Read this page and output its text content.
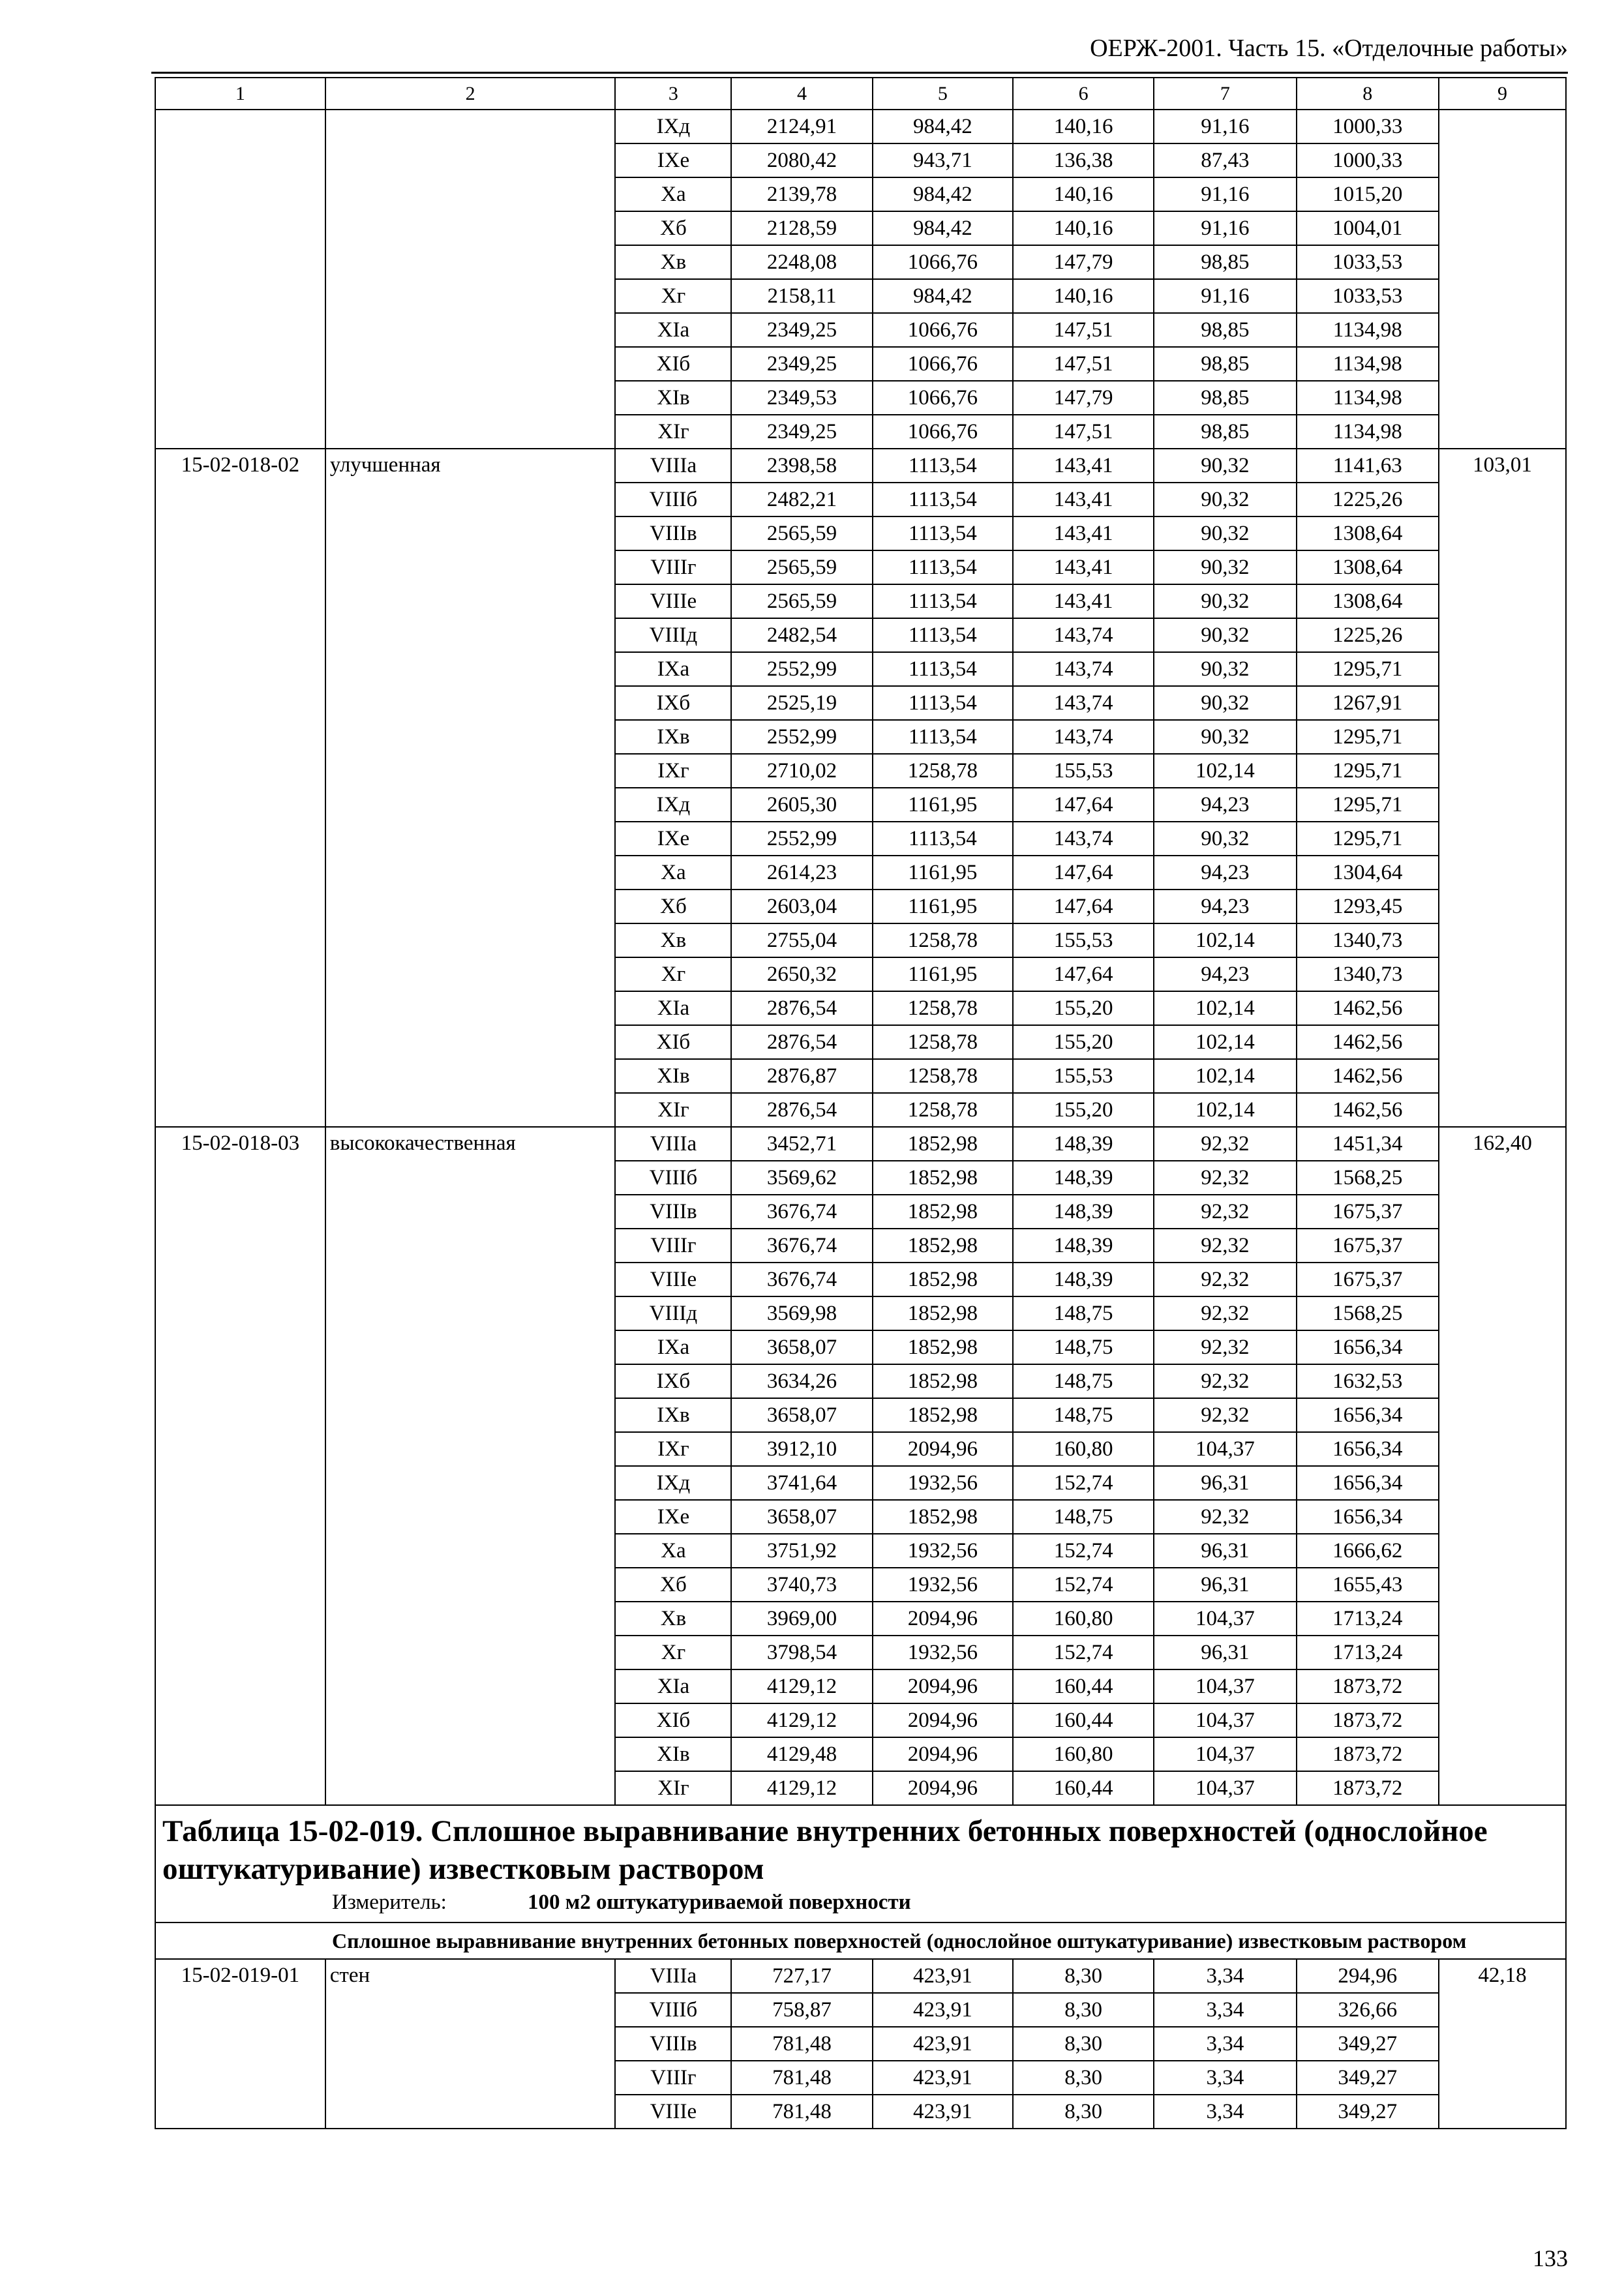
ОЕРЖ-2001. Часть 15. «Отделочные работы»
1	2	3	4	5	6	7	8	9
		IXд	2124,91	984,42	140,16	91,16	1000,33	
		IXе	2080,42	943,71	136,38	87,43	1000,33	
		Xа	2139,78	984,42	140,16	91,16	1015,20	
		Xб	2128,59	984,42	140,16	91,16	1004,01	
		Xв	2248,08	1066,76	147,79	98,85	1033,53	
		Xг	2158,11	984,42	140,16	91,16	1033,53	
		XIа	2349,25	1066,76	147,51	98,85	1134,98	
		XIб	2349,25	1066,76	147,51	98,85	1134,98	
		XIв	2349,53	1066,76	147,79	98,85	1134,98	
		XIг	2349,25	1066,76	147,51	98,85	1134,98	
15-02-018-02	улучшенная	VIIIа	2398,58	1113,54	143,41	90,32	1141,63	103,01
		VIIIб	2482,21	1113,54	143,41	90,32	1225,26	
		VIIIв	2565,59	1113,54	143,41	90,32	1308,64	
		VIIIг	2565,59	1113,54	143,41	90,32	1308,64	
		VIIIе	2565,59	1113,54	143,41	90,32	1308,64	
		VIIIд	2482,54	1113,54	143,74	90,32	1225,26	
		IXа	2552,99	1113,54	143,74	90,32	1295,71	
		IXб	2525,19	1113,54	143,74	90,32	1267,91	
		IXв	2552,99	1113,54	143,74	90,32	1295,71	
		IXг	2710,02	1258,78	155,53	102,14	1295,71	
		IXд	2605,30	1161,95	147,64	94,23	1295,71	
		IXе	2552,99	1113,54	143,74	90,32	1295,71	
		Xа	2614,23	1161,95	147,64	94,23	1304,64	
		Xб	2603,04	1161,95	147,64	94,23	1293,45	
		Xв	2755,04	1258,78	155,53	102,14	1340,73	
		Xг	2650,32	1161,95	147,64	94,23	1340,73	
		XIа	2876,54	1258,78	155,20	102,14	1462,56	
		XIб	2876,54	1258,78	155,20	102,14	1462,56	
		XIв	2876,87	1258,78	155,53	102,14	1462,56	
		XIг	2876,54	1258,78	155,20	102,14	1462,56	
15-02-018-03	высококачественная	VIIIа	3452,71	1852,98	148,39	92,32	1451,34	162,40
		VIIIб	3569,62	1852,98	148,39	92,32	1568,25	
		VIIIв	3676,74	1852,98	148,39	92,32	1675,37	
		VIIIг	3676,74	1852,98	148,39	92,32	1675,37	
		VIIIе	3676,74	1852,98	148,39	92,32	1675,37	
		VIIIд	3569,98	1852,98	148,75	92,32	1568,25	
		IXа	3658,07	1852,98	148,75	92,32	1656,34	
		IXб	3634,26	1852,98	148,75	92,32	1632,53	
		IXв	3658,07	1852,98	148,75	92,32	1656,34	
		IXг	3912,10	2094,96	160,80	104,37	1656,34	
		IXд	3741,64	1932,56	152,74	96,31	1656,34	
		IXе	3658,07	1852,98	148,75	92,32	1656,34	
		Xа	3751,92	1932,56	152,74	96,31	1666,62	
		Xб	3740,73	1932,56	152,74	96,31	1655,43	
		Xв	3969,00	2094,96	160,80	104,37	1713,24	
		Xг	3798,54	1932,56	152,74	96,31	1713,24	
		XIа	4129,12	2094,96	160,44	104,37	1873,72	
		XIб	4129,12	2094,96	160,44	104,37	1873,72	
		XIв	4129,48	2094,96	160,80	104,37	1873,72	
		XIг	4129,12	2094,96	160,44	104,37	1873,72	

Таблица 15-02-019. Сплошное выравнивание внутренних бетонных поверхностей (однослойное оштукатуривание) известковым раствором
Измеритель: 100 м2 оштукатуриваемой поверхности								

Сплошное выравнивание внутренних бетонных поверхностей (однослойное оштукатуривание) известковым раствором								
15-02-019-01	стен	VIIIа	727,17	423,91	8,30	3,34	294,96	42,18
		VIIIб	758,87	423,91	8,30	3,34	326,66	
		VIIIв	781,48	423,91	8,30	3,34	349,27	
		VIIIг	781,48	423,91	8,30	3,34	349,27	
		VIIIе	781,48	423,91	8,30	3,34	349,27	
133
